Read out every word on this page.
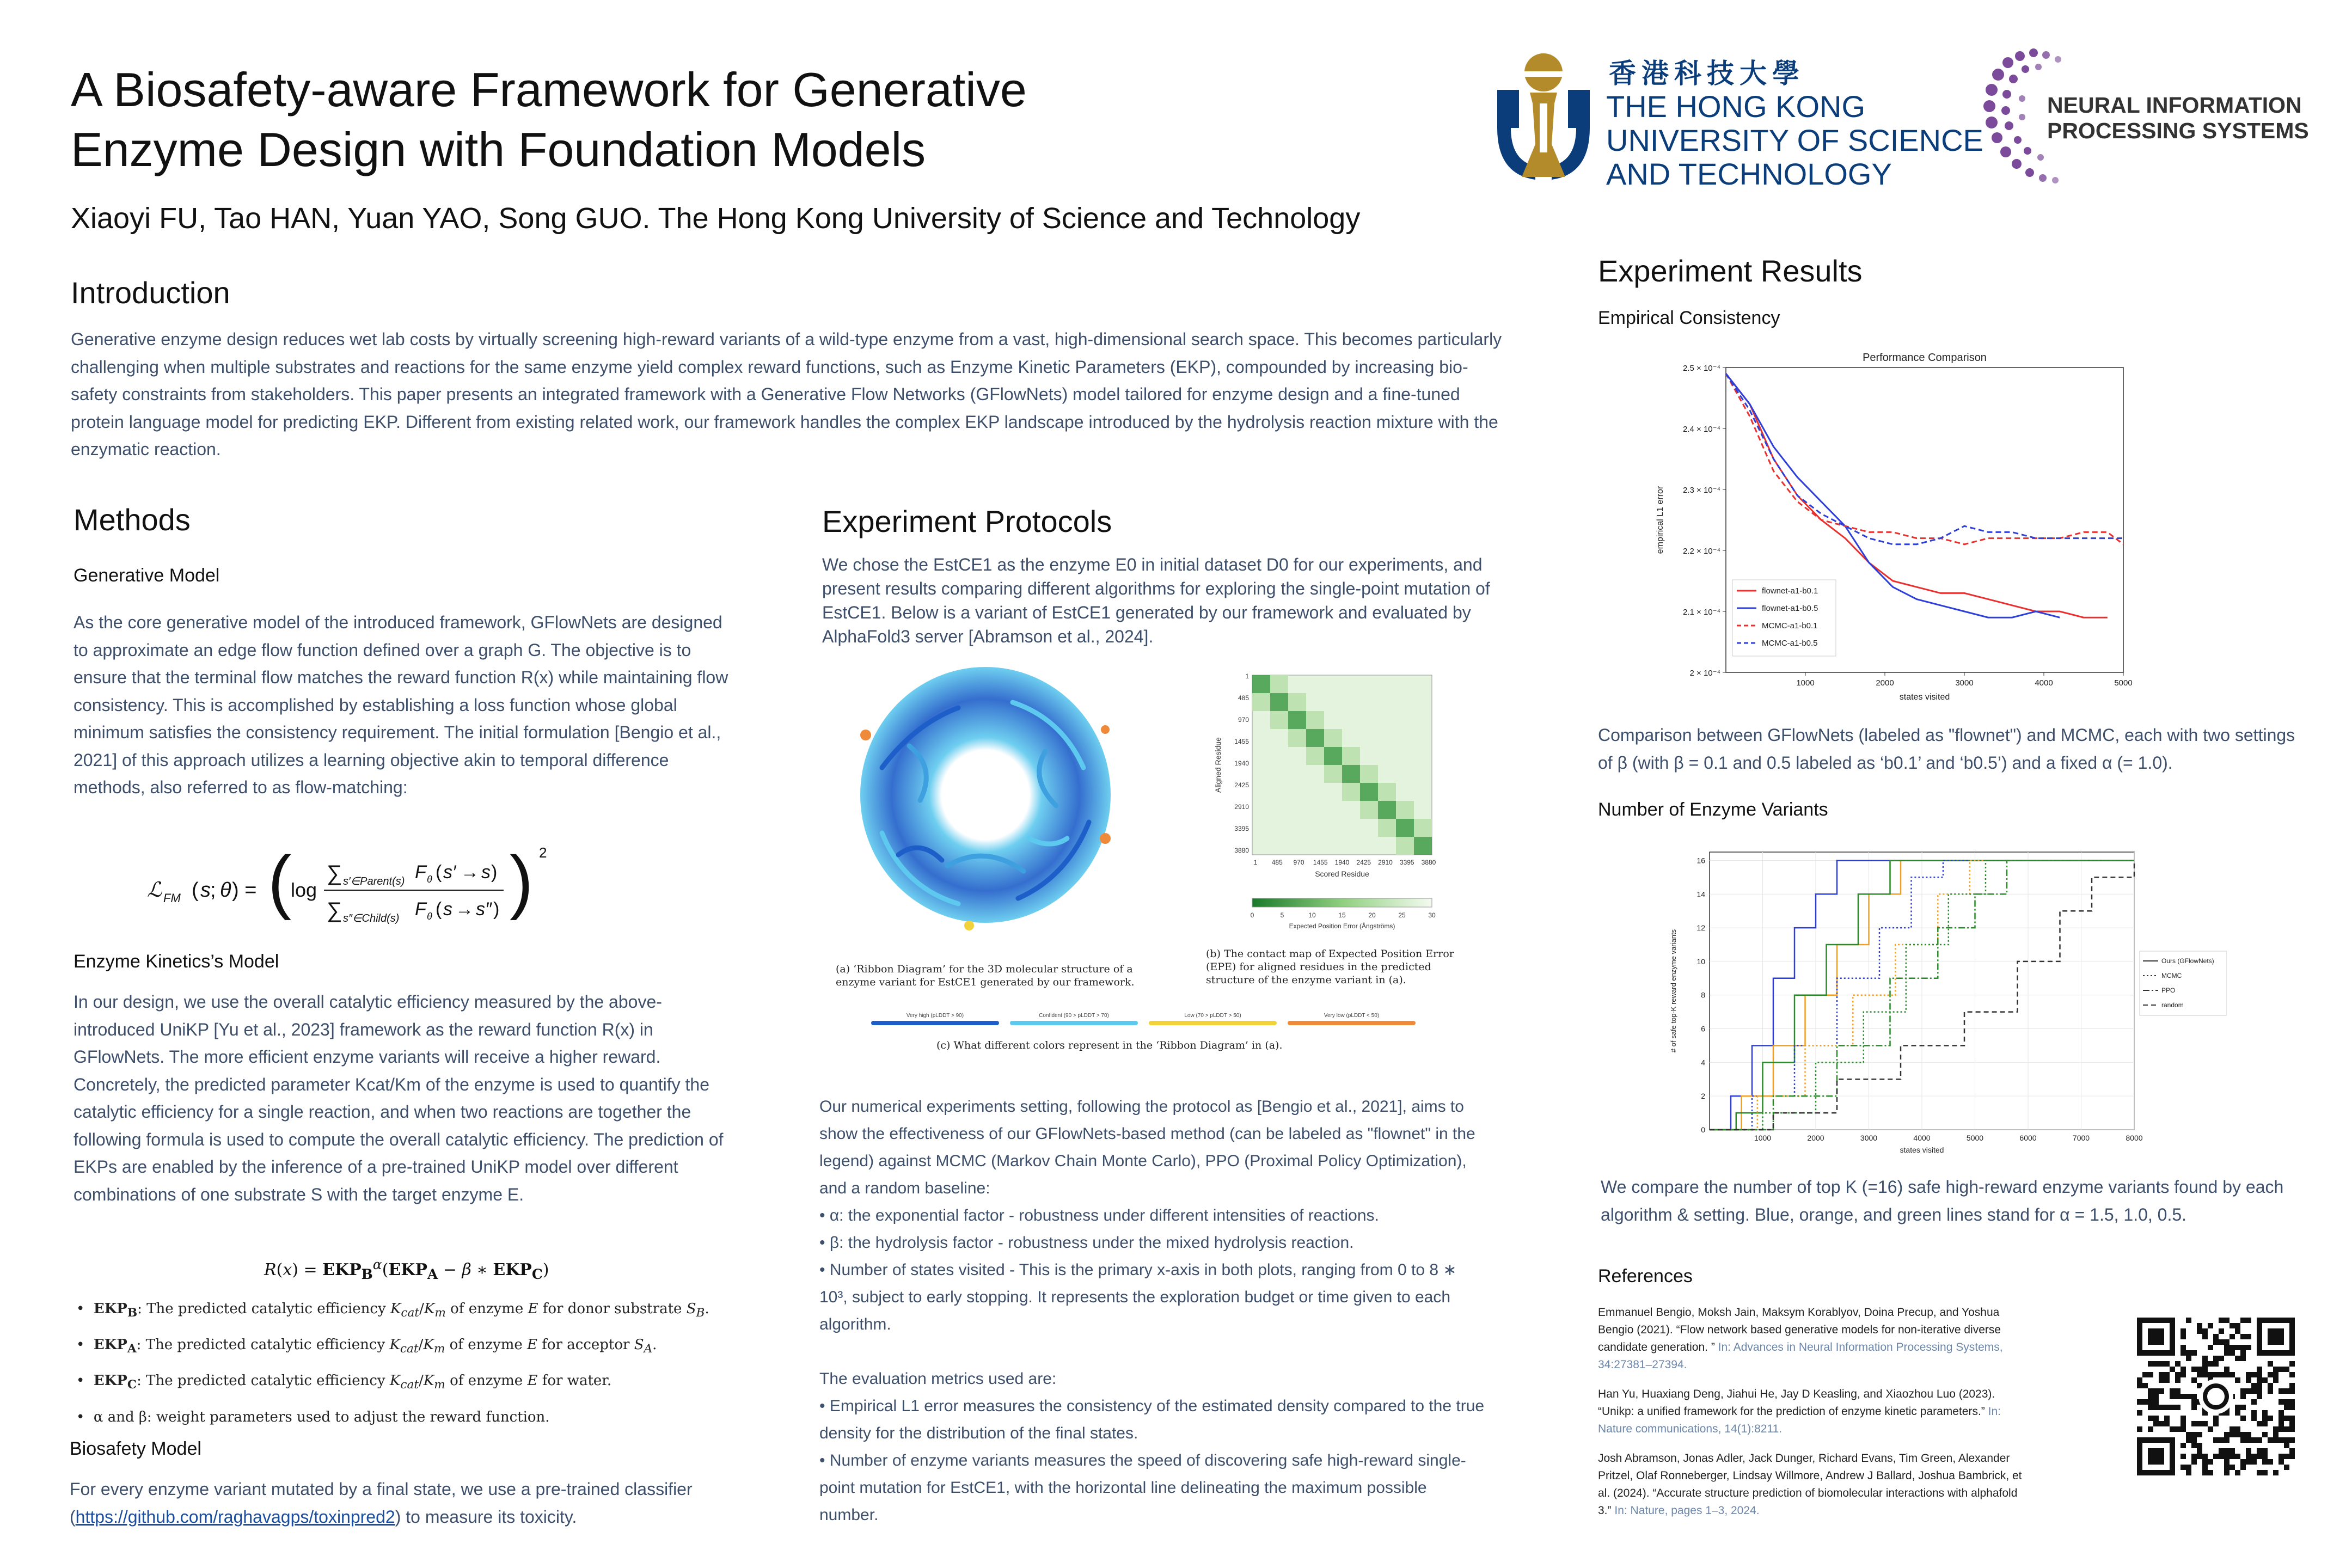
A Biosafety-aware Framework for Generative
Enzyme Design with Foundation Models
Xiaoyi FU, Tao HAN, Yuan YAO, Song GUO. The Hong Kong University of Science and Technology
香港科技大學
THE HONG KONG
UNIVERSITY OF SCIENCE
AND TECHNOLOGY
NEURAL INFORMATION
PROCESSING SYSTEMS
Introduction
Generative enzyme design reduces wet lab costs by virtually screening high-reward variants of a wild-type enzyme from a vast, high-dimensional search space. This becomes particularly challenging when multiple substrates and reactions for the same enzyme yield complex reward functions, such as Enzyme Kinetic Parameters (EKP), compounded by increasing bio-safety constraints from stakeholders. This paper presents an integrated framework with a Generative Flow Networks (GFlowNets) model tailored for enzyme design and a fine-tuned protein language model for predicting EKP. Different from existing related work, our framework handles the complex EKP landscape introduced by the hydrolysis reaction mixture with the enzymatic reaction.
Methods
Generative Model
As the core generative model of the introduced framework, GFlowNets are designed to approximate an edge flow function defined over a graph G. The objective is to ensure that the terminal flow matches the reward function R(x) while maintaining flow consistency. This is accomplished by establishing a loss function whose global minimum satisfies the consistency requirement. The initial formulation [Bengio et al., 2021] of this approach utilizes a learning objective akin to temporal difference methods, also referred to as flow-matching:
ℒ FM ( s ; θ ) = (
log
∑ s′∈Parent(s) F θ ( s′ → s )
∑ s″∈Child(s) F θ ( s → s″ ) ) 2
Enzyme Kinetics’s Model
In our design, we use the overall catalytic efficiency measured by the above-introduced UniKP [Yu et al., 2023] framework as the reward function R(x) in GFlowNets. The more efficient enzyme variants will receive a higher reward. Concretely, the predicted parameter Kcat/Km of the enzyme is used to quantify the catalytic efficiency for a single reaction, and when two reactions are together the following formula is used to compute the overall catalytic efficiency. The prediction of EKPs are enabled by the inference of a pre-trained UniKP model over different combinations of one substrate S with the target enzyme E.
$R(x) = EKP_B^\alpha(EKP_A - \beta$ ∗ $EKP_C$)
•  $EKP_B$: The predicted catalytic efficiency $K_{cat}/K_m$ of enzyme E for donor substrate $S_B$.
•  $EKP_A$: The predicted catalytic efficiency $K_{cat}/K_m$ of enzyme E for acceptor $S_A$.
•  $EKP_C$: The predicted catalytic efficiency $K_{cat}/K_m$ of enzyme E for water.
•  α and β: weight parameters used to adjust the reward function.
Biosafety Model
For every enzyme variant mutated by a final state, we use a pre-trained classifier (https://github.com/raghavagps/toxinpred2) to measure its toxicity.
Experiment Protocols
We chose the EstCE1 as the enzyme E0 in initial dataset D0 for our experiments, and present results comparing different algorithms for exploring the single-point mutation of EstCE1. Below is a variant of EstCE1 generated by our framework and evaluated by AlphaFold3 server [Abramson et al., 2024].
1
485
970
1455
1940
2425
2910
3395
3880
1 485 970 1455 1940 2425 2910 3395 3880
Scored Residue
Aligned Residue
0	5	10	15	20	25	30
Expected Position Error (Ångströms)
(a) ‘Ribbon Diagram’ for the 3D molecular structure of a enzyme variant for EstCE1 generated by our framework.
(b) The contact map of Expected Position Error (EPE) for aligned residues in the predicted structure of the enzyme variant in (a).
Very high (pLDDT > 90)	Confident (90 > pLDDT > 70)	Low (70 > pLDDT > 50)	Very low (pLDDT < 50)
(c) What different colors represent in the ‘Ribbon Diagram’ in (a).
Our numerical experiments setting, following the protocol as [Bengio et al., 2021], aims to show the effectiveness of our GFlowNets-based method (can be labeled as "flownet" in the legend) against MCMC (Markov Chain Monte Carlo), PPO (Proximal Policy Optimization), and a random baseline:
• α: the exponential factor - robustness under different intensities of reactions.
• β: the hydrolysis factor - robustness under the mixed hydrolysis reaction.
• Number of states visited - This is the primary x-axis in both plots, ranging from 0 to 8 ∗ 10³, subject to early stopping. It represents the exploration budget or time given to each algorithm.
The evaluation metrics used are:
• Empirical L1 error measures the consistency of the estimated density compared to the true density for the distribution of the final states.
• Number of enzyme variants measures the speed of discovering safe high-reward single-point mutation for EstCE1, with the horizontal line delineating the maximum possible number.
Experiment Results
Empirical Consistency
Performance Comparison
2 × 10⁻⁴
2.1 × 10⁻⁴
2.2 × 10⁻⁴
2.3 × 10⁻⁴
2.4 × 10⁻⁴
2.5 × 10⁻⁴
1000	2000	3000	4000	5000
states visited
empirical L1 error
flownet-a1-b0.1
flownet-a1-b0.5
MCMC-a1-b0.1
MCMC-a1-b0.5
Comparison between GFlowNets (labeled as "flownet") and MCMC, each with two settings of β (with β = 0.1 and 0.5 labeled as ‘b0.1’ and ‘b0.5’) and a fixed α (= 1.0).
Number of Enzyme Variants
0
2
4
6
8
10
12
14
16
1000	2000	3000	4000	5000	6000	7000	8000
states visited
# of safe top-K reward enzyme variants	Ours (GFlowNets)
MCMC
PPO
random
We compare the number of top K (=16) safe high-reward enzyme variants found by each algorithm & setting. Blue, orange, and green lines stand for α = 1.5, 1.0, 0.5.
References
Emmanuel Bengio, Moksh Jain, Maksym Korablyov, Doina Precup, and Yoshua Bengio (2021). “Flow network based generative models for non-iterative diverse candidate generation. ” In: Advances in Neural Information Processing Systems, 34:27381–27394.
Han Yu, Huaxiang Deng, Jiahui He, Jay D Keasling, and Xiaozhou Luo (2023). “Unikp: a unified framework for the prediction of enzyme kinetic parameters.” In: Nature communications, 14(1):8211.
Josh Abramson, Jonas Adler, Jack Dunger, Richard Evans, Tim Green, Alexander Pritzel, Olaf Ronneberger, Lindsay Willmore, Andrew J Ballard, Joshua Bambrick, et al. (2024). “Accurate structure prediction of biomolecular interactions with alphafold 3.” In: Nature, pages 1–3, 2024.
